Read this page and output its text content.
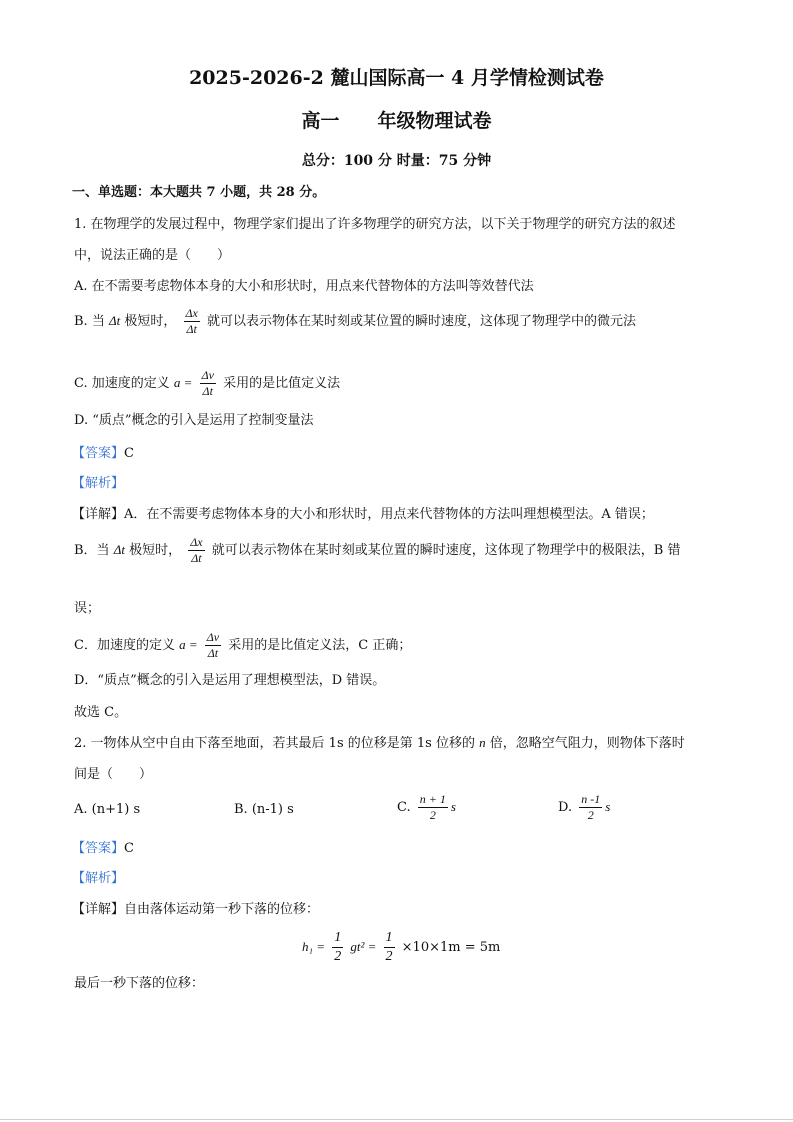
2025-2026-2 麓山国际高一 4 月学情检测试卷
高一　　年级物理试卷
总分：100 分 时量：75 分钟
一、单选题：本大题共 7 小题，共 28 分。
1. 在物理学的发展过程中，物理学家们提出了许多物理学的研究方法，以下关于物理学的研究方法的叙述
中，说法正确的是（　　）
A. 在不需要考虑物体本身的大小和形状时，用点来代替物体的方法叫等效替代法
B. 当 Δt 极短时， $\frac{\Delta x}{\Delta t}$ 就可以表示物体在某时刻或某位置的瞬时速度，这体现了物理学中的微元法
C. 加速度的定义 $a = \frac{\Delta v}{\Delta t}$ 采用的是比值定义法
D. “质点”概念的引入是运用了控制变量法
【答案】C
【解析】
【详解】A．在不需要考虑物体本身的大小和形状时，用点来代替物体的方法叫理想模型法。A 错误；
B．当 Δt 极短时， $\frac{\Delta x}{\Delta t}$ 就可以表示物体在某时刻或某位置的瞬时速度，这体现了物理学中的极限法，B 错
误；
C．加速度的定义 $a = \frac{\Delta v}{\Delta t}$ 采用的是比值定义法，C 正确；
D．“质点”概念的引入是运用了理想模型法，D 错误。
故选 C。
2. 一物体从空中自由下落至地面，若其最后 1s 的位移是第 1s 位移的 n 倍，忽略空气阻力，则物体下落时
间是（　　）
A. (n+1) s	B. (n-1) s	C. $\frac{n + 1}{2}$ s	D. $\frac{n -1}{2}$ s
【答案】C
【解析】
【详解】自由落体运动第一秒下落的位移：
$h_1 = \frac{1}{2} gt^2 = \frac{1}{2} \times 10\times 1m = 5m$
最后一秒下落的位移：
